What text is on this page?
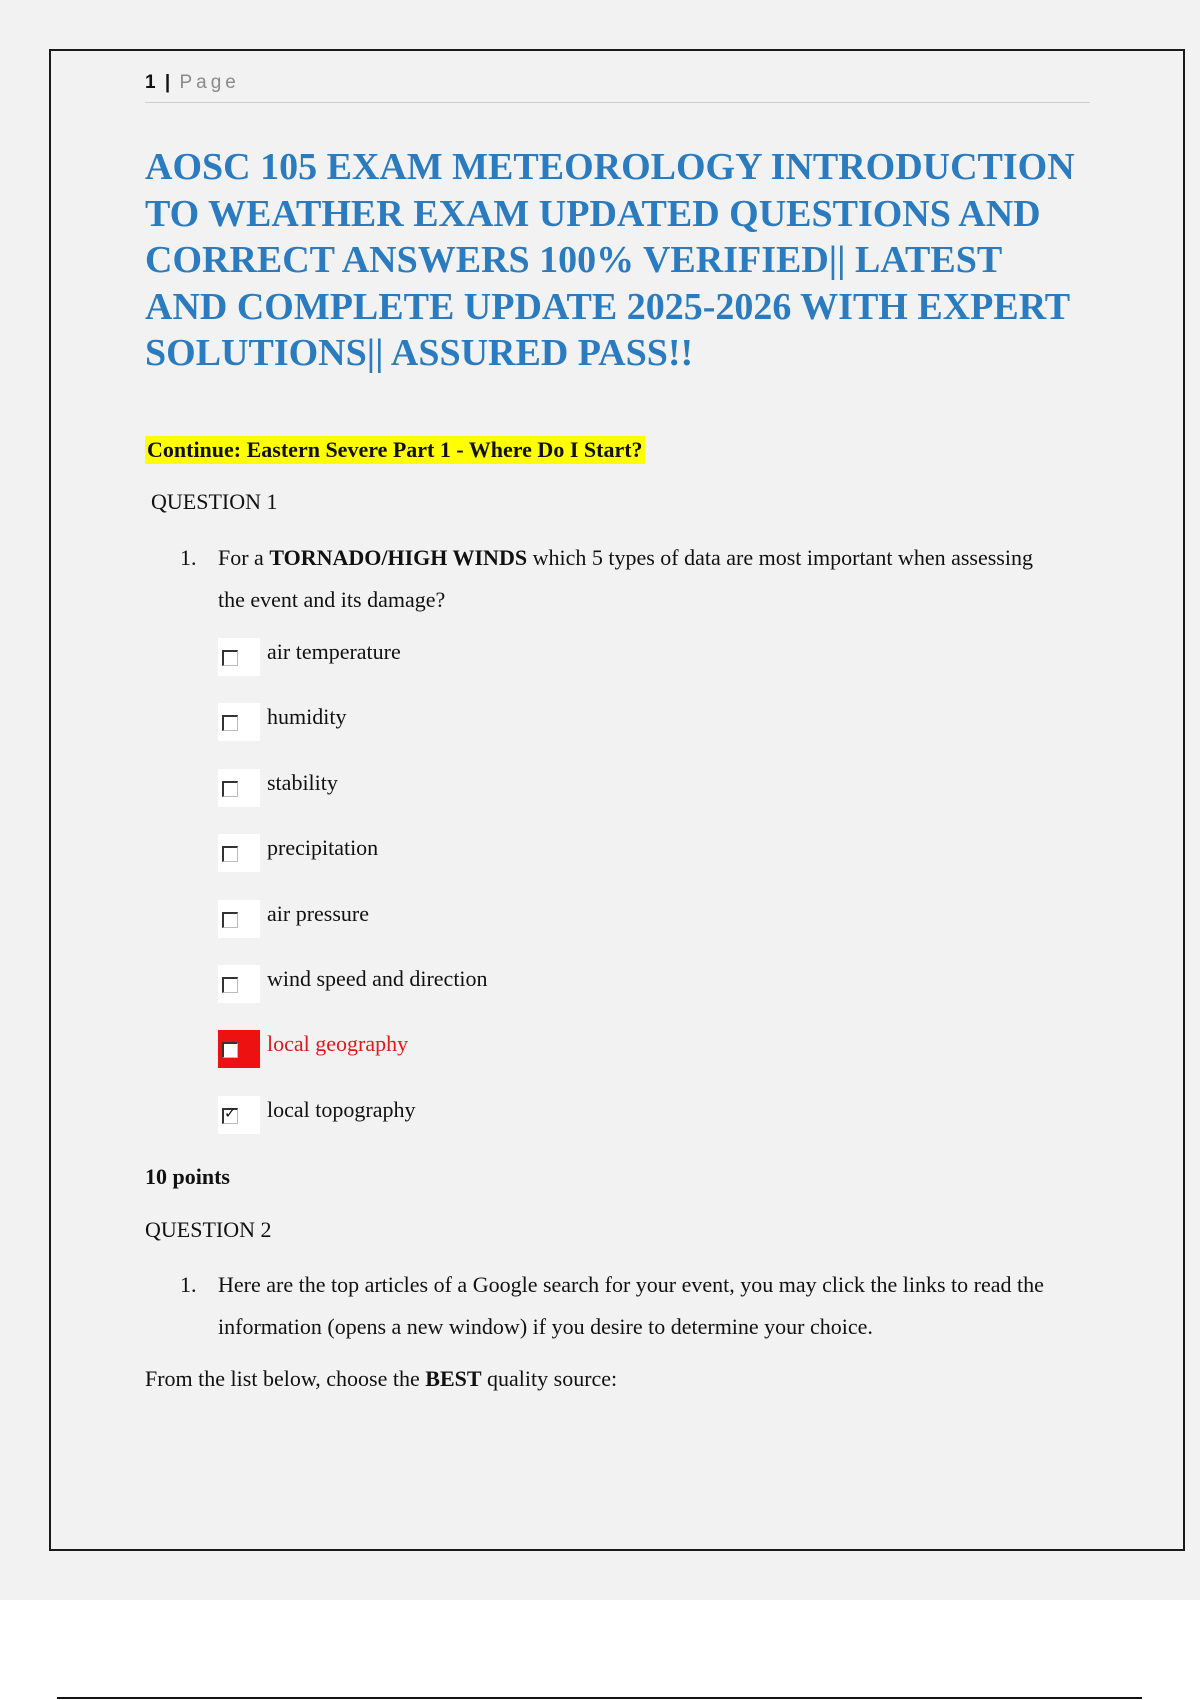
1 | Page
AOSC 105 EXAM METEOROLOGY INTRODUCTION TO WEATHER EXAM UPDATED QUESTIONS AND CORRECT ANSWERS 100% VERIFIED|| LATEST AND COMPLETE UPDATE 2025-2026 WITH EXPERT SOLUTIONS|| ASSURED PASS!!
Continue: Eastern Severe Part 1 - Where Do I Start?
QUESTION 1
1. For a TORNADO/HIGH WINDS which 5 types of data are most important when assessing the event and its damage?
air temperature
humidity
stability
precipitation
air pressure
wind speed and direction
local geography
✓ local topography
10 points
QUESTION 2
1. Here are the top articles of a Google search for your event, you may click the links to read the information (opens a new window) if you desire to determine your choice.
From the list below, choose the BEST quality source:
